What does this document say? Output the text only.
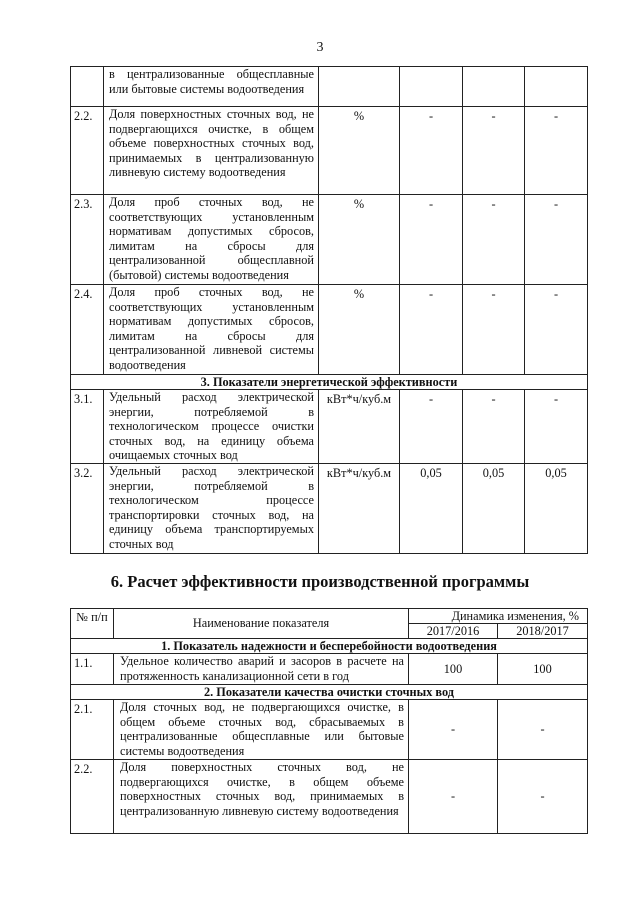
3
	в централизованные общесплавные или бытовые системы водоотведения				
2.2.	Доля поверхностных сточных вод, не подвергающихся очистке, в общем объеме поверхностных сточных вод, принимаемых в централизованную ливневую систему водоотведения	%	-	-	-
2.3.	Доля проб сточных вод, не соответствующих установленным нормативам допустимых сбросов, лимитам на сбросы для централизованной общесплавной (бытовой) системы водоотведения	%	-	-	-
2.4.	Доля проб сточных вод, не соответствующих установленным нормативам допустимых сбросов, лимитам на сбросы для централизованной ливневой системы водоотведения	%	-	-	-
3. Показатели энергетической эффективности					
3.1.	Удельный расход электрической энергии, потребляемой в технологическом процессе очистки сточных вод, на единицу объема очищаемых сточных вод	кВт*ч/куб.м	-	-	-
3.2.	Удельный расход электрической энергии, потребляемой в технологическом процессе транспортировки сточных вод, на единицу объема транспортируемых сточных вод	кВт*ч/куб.м	0,05	0,05	0,05
6. Расчет эффективности производственной программы
№ п/п	Наименование показателя	Динамика изменения, %	
		2017/2016	2018/2017
1. Показатель надежности и бесперебойности водоотведения			
1.1.	Удельное количество аварий и засоров в расчете на протяженность канализационной сети в год	100	100
2. Показатели качества очистки сточных вод			
2.1.	Доля сточных вод, не подвергающихся очистке, в общем объеме сточных вод, сбрасываемых в централизованные общесплавные или бытовые системы водоотведения	-	-
2.2.	Доля поверхностных сточных вод, не подвергающихся очистке, в общем объеме поверхностных сточных вод, принимаемых в централизованную ливневую систему водоотведения	-	-
